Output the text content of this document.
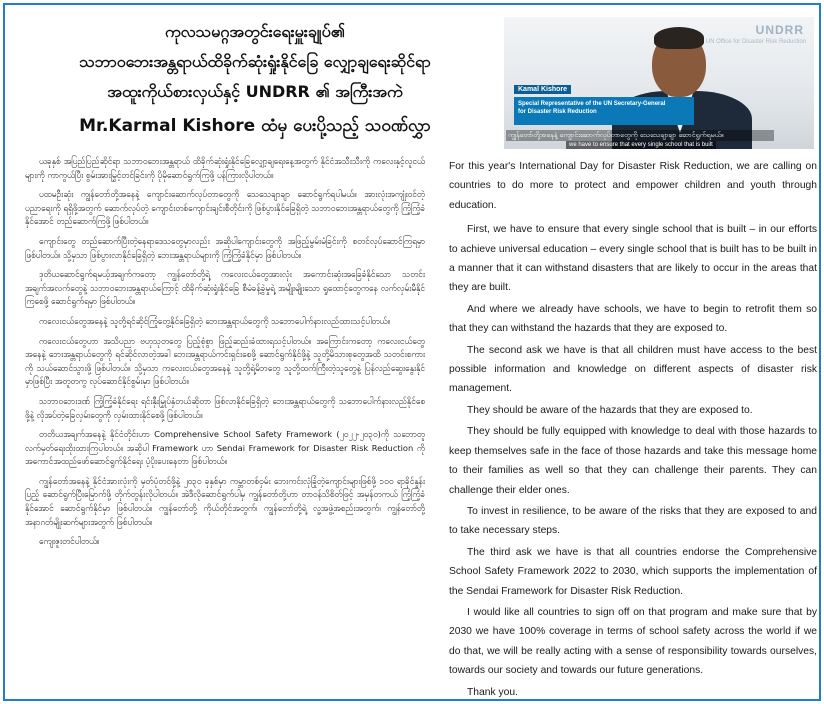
ကုလသမဂ္ဂအတွင်းရေးမှူးချုပ်၏
သဘာဝဘေးအန္တရာယ်ထိခိုက်ဆုံးရှုံးနိုင်ခြေ လျှော့ချရေးဆိုင်ရာ
အထူးကိုယ်စားလှယ်နှင့် UNDRR ၏ အကြီးအကဲ
Mr.Karmal Kishore ထံမှ ပေးပို့သည့် သဝဏ်လွှာ
UNDRR
UN Office for Disaster Risk Reduction
Kamal Kishore
Special Representative of the UN Secretary-General
for Disaster Risk Reduction
ကျွန်တော်တို့အနေနဲ့ ကျောင်းဆောက်လုပ်တာတွေကို သေသေချာချာ ဆောင်ရွက်ရမယ်။
we have to ensure that every single school that is built

ယခုနှစ် အပြည်ပြည်ဆိုင်ရာ သဘာဝဘေးအန္တရာယ် ထိခိုက်ဆုံးရှုံးနိုင်ခြေလျှော့ချရေးနေ့အတွက် နိုင်ငံအသီးသီးကို ကလေးနှင့်လူငယ်များကို ကာကွယ်ပြီး စွမ်းအားမြှင့်တင်ခြင်းကို ပိုမိုဆောင်ရွက်ကြဖို့ ပန်ကြားလိုပါတယ်။

ပထမဦးဆုံး ကျွန်တော်တို့အနေနဲ့ ကျောင်းဆောက်လုပ်တာတွေကို သေသေချာချာ ဆောင်ရွက်ရပါမယ်။ အားလုံးအကျုံးဝင်တဲ့ ပညာရေးကို ရရှိဖို့အတွက် ဆောက်လုပ်တဲ့ ကျောင်းတစ်ကျောင်းချင်းစီတိုင်းကို ဖြစ်ပွားနိုင်ခြေရှိတဲ့ သဘာဝဘေးအန္တရာယ်တွေကို ကြံ့ကြံ့ခံနိုင်အောင် တည်ဆောက်ကြဖို့ ဖြစ်ပါတယ်။

ကျောင်းတွေ တည်ဆောက်ပြီးတဲ့နေရာဒေသတွေမှာလည်း အဆိုပါကျောင်းတွေကို အဖြည့်မွမ်းမံခြင်းကို စတင်လုပ်ဆောင်ကြရမှာ ဖြစ်ပါတယ်။ သို့မှသာ ဖြစ်ပွားလာနိုင်ခြေရှိတဲ့ ဘေးအန္တရာယ်များကို ကြံ့ကြံ့ခံနိုင်မှာ ဖြစ်ပါတယ်။

ဒုတိယဆောင်ရွက်ရမယ့်အချက်ကတော့ ကျွန်တော်တို့ရဲ့ ကလေးငယ်တွေအားလုံး အကောင်းဆုံးအခြေခံနိုင်သော သတင်းအချက်အလက်တွေနဲ့ သဘာဝဘေးအန္တရာယ်ကြောင့် ထိခိုက်ဆုံးရှုံးနိုင်ခြေ စီမံခန့်ခွဲမှုရဲ့ အမျိုးမျိုးသော ရှုထောင့်တွေကနေ လက်လှမ်းမီနိုင်ကြစေဖို့ ဆောင်ရွက်ရမှာ ဖြစ်ပါတယ်။

ကလေးငယ်တွေအနေနဲ့ သူတို့ရင်ဆိုင်ကြုံတွေ့နိုင်ခြေရှိတဲ့ ဘေးအန္တရာယ်တွေကို သဘောပေါက်နားလည်ထားသင့်ပါတယ်။

ကလေးငယ်တွေဟာ အသိပညာ ဗဟုသုတတွေ ပြည့်စုံစွာ ဖြည့်ဆည်းခံထားရသင့်ပါတယ်။ အကြောင်းကတော့ ကလေးငယ်တွေအနေနဲ့ ဘေးအန္တရာယ်တွေကို ရင်ဆိုင်လာတဲ့အခါ ဘေးအန္တရာယ်ကင်းရှင်းစေဖို့ ဆောင်ရွက်နိုင်ဖို့နဲ့ သူတို့မိသားစုတွေအထိ သတင်းစကားကို သယ်ဆောင်သွားဖို့ ဖြစ်ပါတယ်။ သို့မှသာ ကလေးငယ်တွေအနေနဲ့ သူတို့ရဲ့မိဘတွေ သူတို့ထက်ကြီးတဲ့သူတွေနဲ့ ပြန်လည်ဆွေးနွေးနိုင်မှာဖြစ်ပြီး အတူတကွ လုပ်ဆောင်နိုင်စွမ်းမှာ ဖြစ်ပါတယ်။

သဘာဝဘေးဒဏ် ကြံ့ကြံ့ခံနိုင်ရေး ရင်းနှီးမြှုပ်နှံတယ်ဆိုတာ ဖြစ်လာနိုင်ခြေရှိတဲ့ ဘေးအန္တရာယ်တွေကို သဘောပေါက်နားလည်နိုင်စေဖို့နဲ့ လိုအပ်တဲ့ခြေလှမ်းတွေကို လှမ်းထားနိုင်စေဖို့ ဖြစ်ပါတယ်။

တတိယအချက်အနေနဲ့ နိုင်ငံတိုင်းဟာ Comprehensive School Safety Framework (၂၀၂၂-၂၀၃၀)ကို သဘောတူလက်မှတ်ရေးထိုးထားကြပါတယ်။ အဆိုပါ Framework ဟာ Sendai Framework for Disaster Risk Reduction ကို အကောင်အထည်ဖော်ဆောင်ရွက်နိုင်ရေး ပံ့ပိုးပေးနေတာ ဖြစ်ပါတယ်။

ကျွန်တော်အနေနဲ့ နိုင်ငံအားလုံးကို မှတ်ပုံတင်ဖို့နဲ့ ၂၀၃၀ ခုနှစ်မှာ ကမ္ဘာတစ်ဝှမ်း ဘေးကင်းလုံခြုံတဲ့ကျောင်းများဖြစ်ဖို့ ၁၀၀ ရာခိုင်နှုန်းပြည့် ဆောင်ရွက်ပြီးမြောက်ဖို့ တိုက်တွန်းလိုပါတယ်။ အဲဒီလိုဆောင်ရွက်ပါမှ ကျွန်တော်တို့ဟာ တာဝန်သိစိတ်ဖြင့် အမှန်တကယ် ကြံ့ကြံ့ခံနိုင်အောင် ဆောင်ရွက်နိုင်မှာ ဖြစ်ပါတယ်။ ကျွန်တော်တို့ ကိုယ်တိုင်အတွက်၊ ကျွန်တော်တို့ရဲ့ လူ့အဖွဲ့အစည်းအတွက်၊ ကျွန်တော်တို့ အနာဂတ်မျိုးဆက်များအတွက် ဖြစ်ပါတယ်။

ကျေးဇူးတင်ပါတယ်။

For this year's International Day for Disaster Risk Reduction, we are calling on countries to do more to protect and empower children and youth through education.

First, we have to ensure that every single school that is built – in our efforts to achieve universal education – every single school that is built has to be built in a manner that it can withstand disasters that are likely to occur in the areas that they are built.

And where we already have schools, we have to begin to retrofit them so that they can withstand the hazards that they are exposed to.

The second ask we have is that all children must have access to the best possible information and knowledge on different aspects of disaster risk management.

They should be aware of the hazards that they are exposed to.

They should be fully equipped with knowledge to deal with those hazards to keep themselves safe in the face of those hazards and take this message home to their families as well so that they can challenge their parents. They can challenge their elder ones.

To invest in resilience, to be aware of the risks that they are exposed to and to take necessary steps.

The third ask we have is that all countries endorse the Comprehensive School Safety Framework 2022 to 2030, which supports the implementation of the Sendai Framework for Disaster Risk Reduction.

I would like all countries to sign off on that program and make sure that by 2030 we have 100% coverage in terms of school safety across the world if we do that, we will be really acting with a sense of responsibility towards ourselves, towards our society and towards our future generations.

Thank you.
